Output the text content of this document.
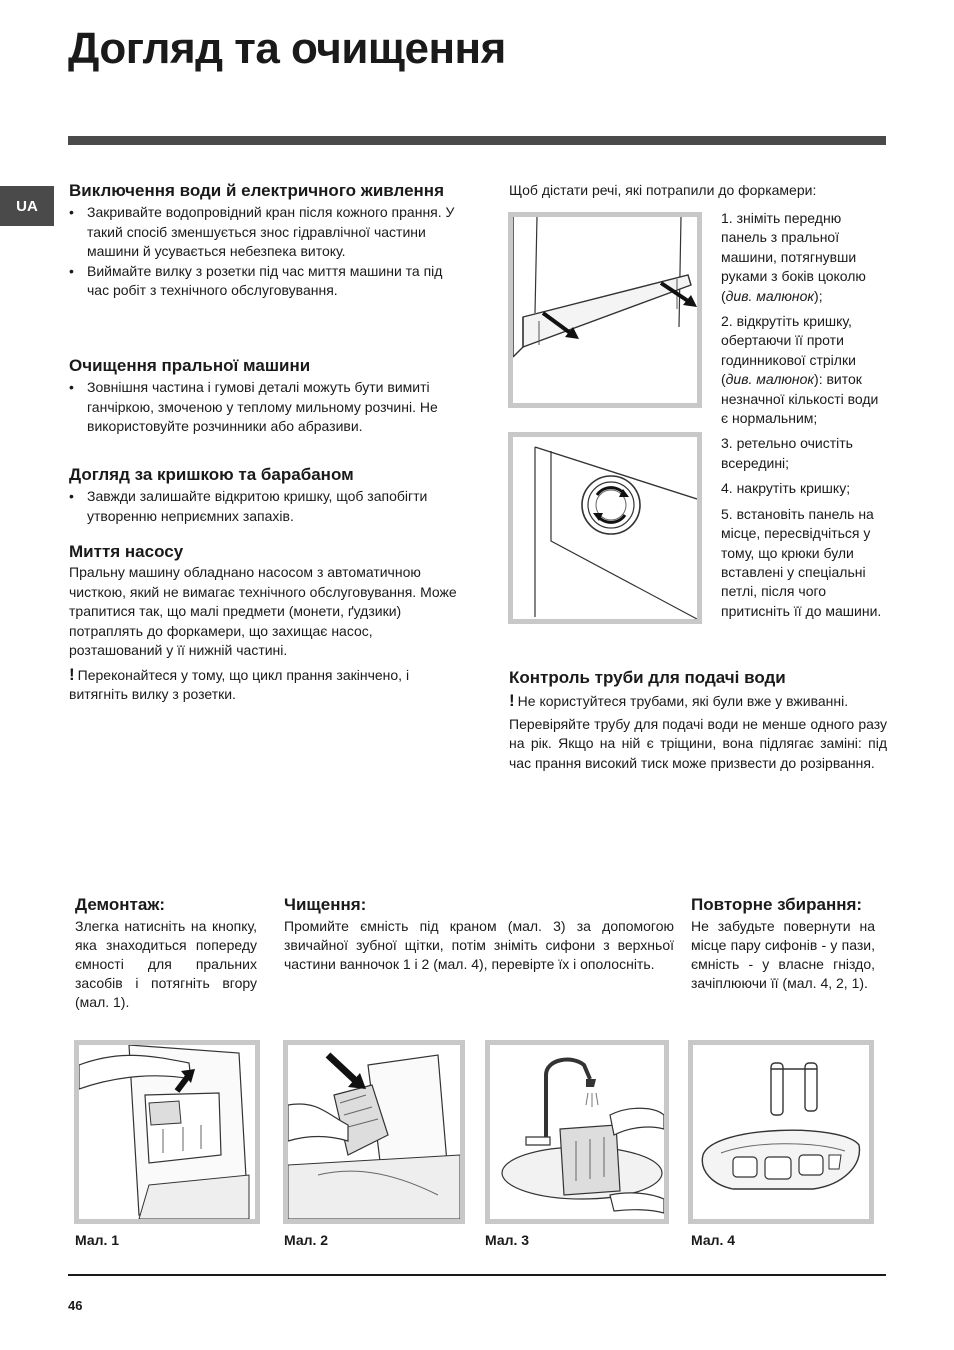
Догляд та очищення
UA
Виключення води й електричного живлення
• Закривайте водопровідний кран після кожного прання. У такий спосіб зменшується знос гідравлічної частини машини й усувається небезпека витоку.
• Виймайте вилку з розетки під час миття машини та під час робіт з технічного обслуговування.
Очищення пральної машини
• Зовнішня частина і гумові деталі можуть бути вимиті ганчіркою, змоченою у теплому мильному розчині. Не використовуйте розчинники або абразиви.
Догляд за кришкою та барабаном
• Завжди залишайте відкритою кришку, щоб запобігти утворенню неприємних запахів.
Миття насосу

Пральну машину обладнано насосом з автоматичною чисткою, який не вимагає технічного обслуговування. Може трапитися так, що малі предмети (монети, ґудзики) потраплять до форкамери, що захищає насос, розташований у її нижній частині.

! Переконайтеся у тому, що цикл прання закінчено, і витягніть вилку з розетки.

Щоб дістати речі, які потрапили до форкамери:

1. зніміть передню панель з пральної машини, потягнувши руками з боків цоколю (див. малюнок);

2. відкрутіть кришку, обертаючи її проти годинникової стрілки (див. малюнок): виток незначної кількості води є нормальним;

3. ретельно очистіть всередині;

4. накрутіть кришку;

5. встановіть панель на місце, пересвідчіться у тому, що крюки були вставлені у спеціальні петлі, після чого притисніть її до машини.

Контроль труби для подачі води

! Не користуйтеся трубами, які були вже у вживанні.

Перевіряйте трубу для подачі води не менше одного разу на рік. Якщо на ній є тріщини, вона підлягає заміні: під час прання високий тиск може призвести до розірвання.

Демонтаж:

Злегка натисніть на кнопку, яка знаходиться попереду ємності для пральних засобів і потягніть вгору (мал. 1).

Чищення:

Промийте ємність під краном (мал. 3) за допомогою звичайної зубної щітки, потім зніміть сифони з верхньої частини ванночок 1 і 2 (мал. 4), перевірте їх і ополосніть.

Повторне збирання:

Не забудьте повернути на місце пару сифонів - у пази, ємність - у власне гніздо, зачіплюючи її (мал. 4, 2, 1).

Мал. 1	Мал. 2	Мал. 3	Мал. 4
46
